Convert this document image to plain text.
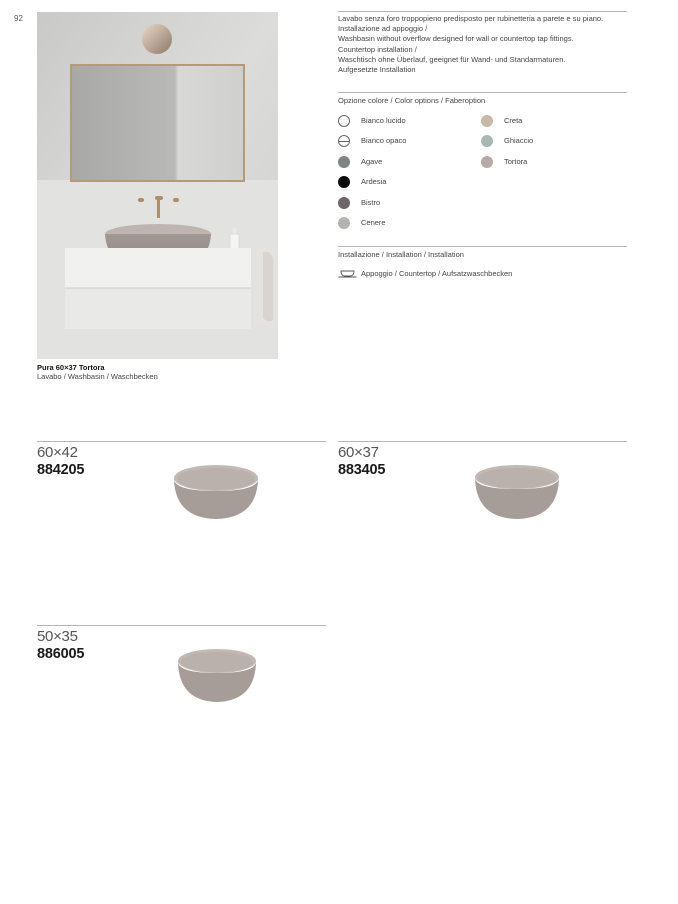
92
Pura 60×37 Tortora
Lavabo / Washbasin / Waschbecken
Lavabo senza foro troppopieno predisposto per rubinetteria a parete e su piano.
Installazione ad appoggio /
Washbasin without overflow designed for wall or countertop tap fittings.
Countertop installation /
Waschtisch ohne Überlauf, geeignet für Wand- und Standarmaturen.
Aufgesetzte Installation
Opzione colore / Color options / Faberoption
Bianco lucido
Bianco opaco
Agave
Ardesia
Bistro
Cenere
Creta
Ghiaccio
Tortora
Installazione / Installation / Installation
Appoggio / Countertop / Aufsatzwaschbecken
60×42
884205
60×37
883405
50×35
886005
